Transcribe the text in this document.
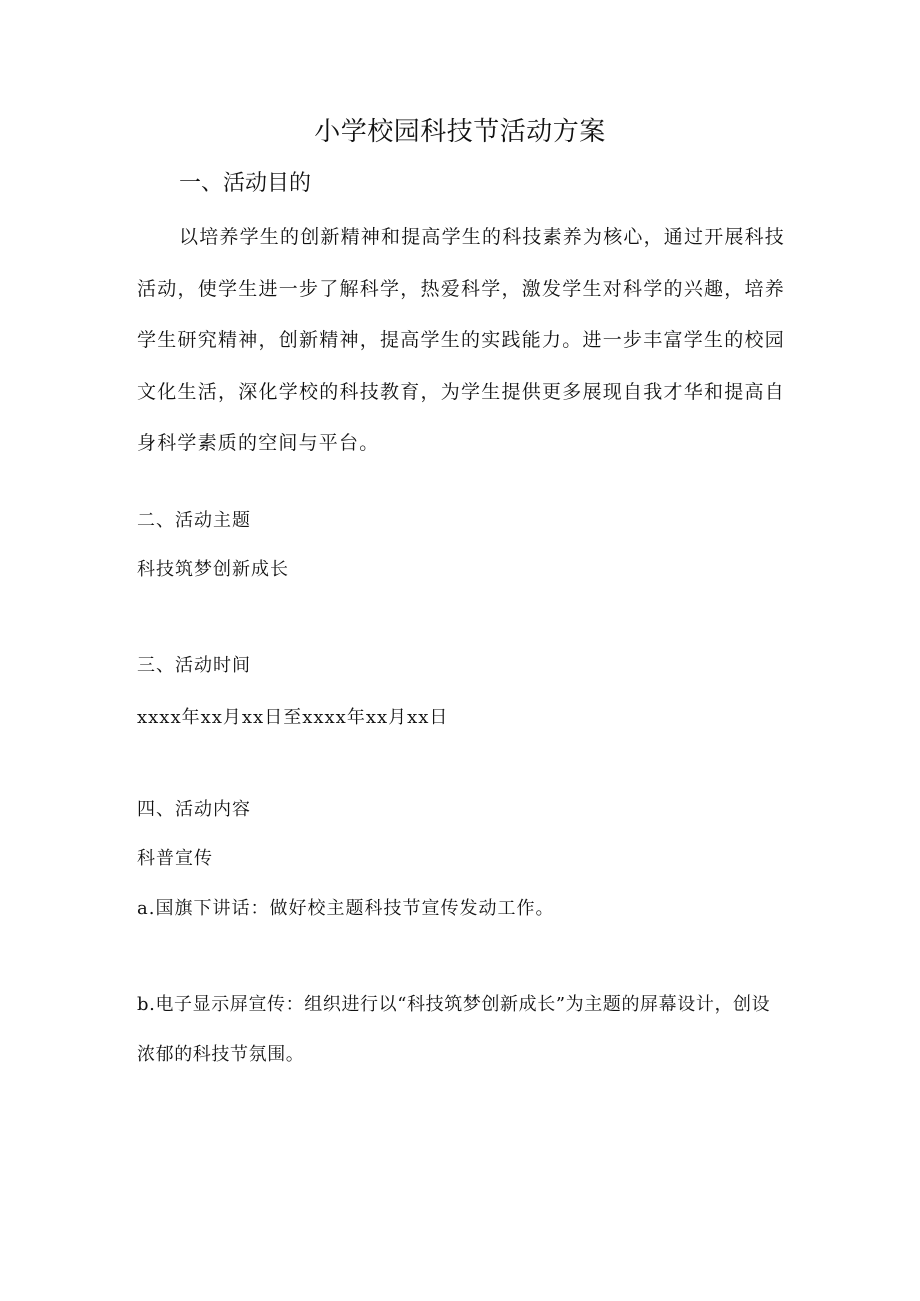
小学校园科技节活动方案
一、活动目的
以培养学生的创新精神和提高学生的科技素养为核心，通过开展科技活动，使学生进一步了解科学，热爱科学，激发学生对科学的兴趣，培养学生研究精神，创新精神，提高学生的实践能力。进一步丰富学生的校园文化生活，深化学校的科技教育，为学生提供更多展现自我才华和提高自身科学素质的空间与平台。
二、活动主题
科技筑梦创新成长
三、活动时间
xxxx年xx月xx日至xxxx年xx月xx日
四、活动内容
科普宣传
a.国旗下讲话：做好校主题科技节宣传发动工作。
b.电子显示屏宣传：组织进行以“科技筑梦创新成长”为主题的屏幕设计，创设浓郁的科技节氛围。
